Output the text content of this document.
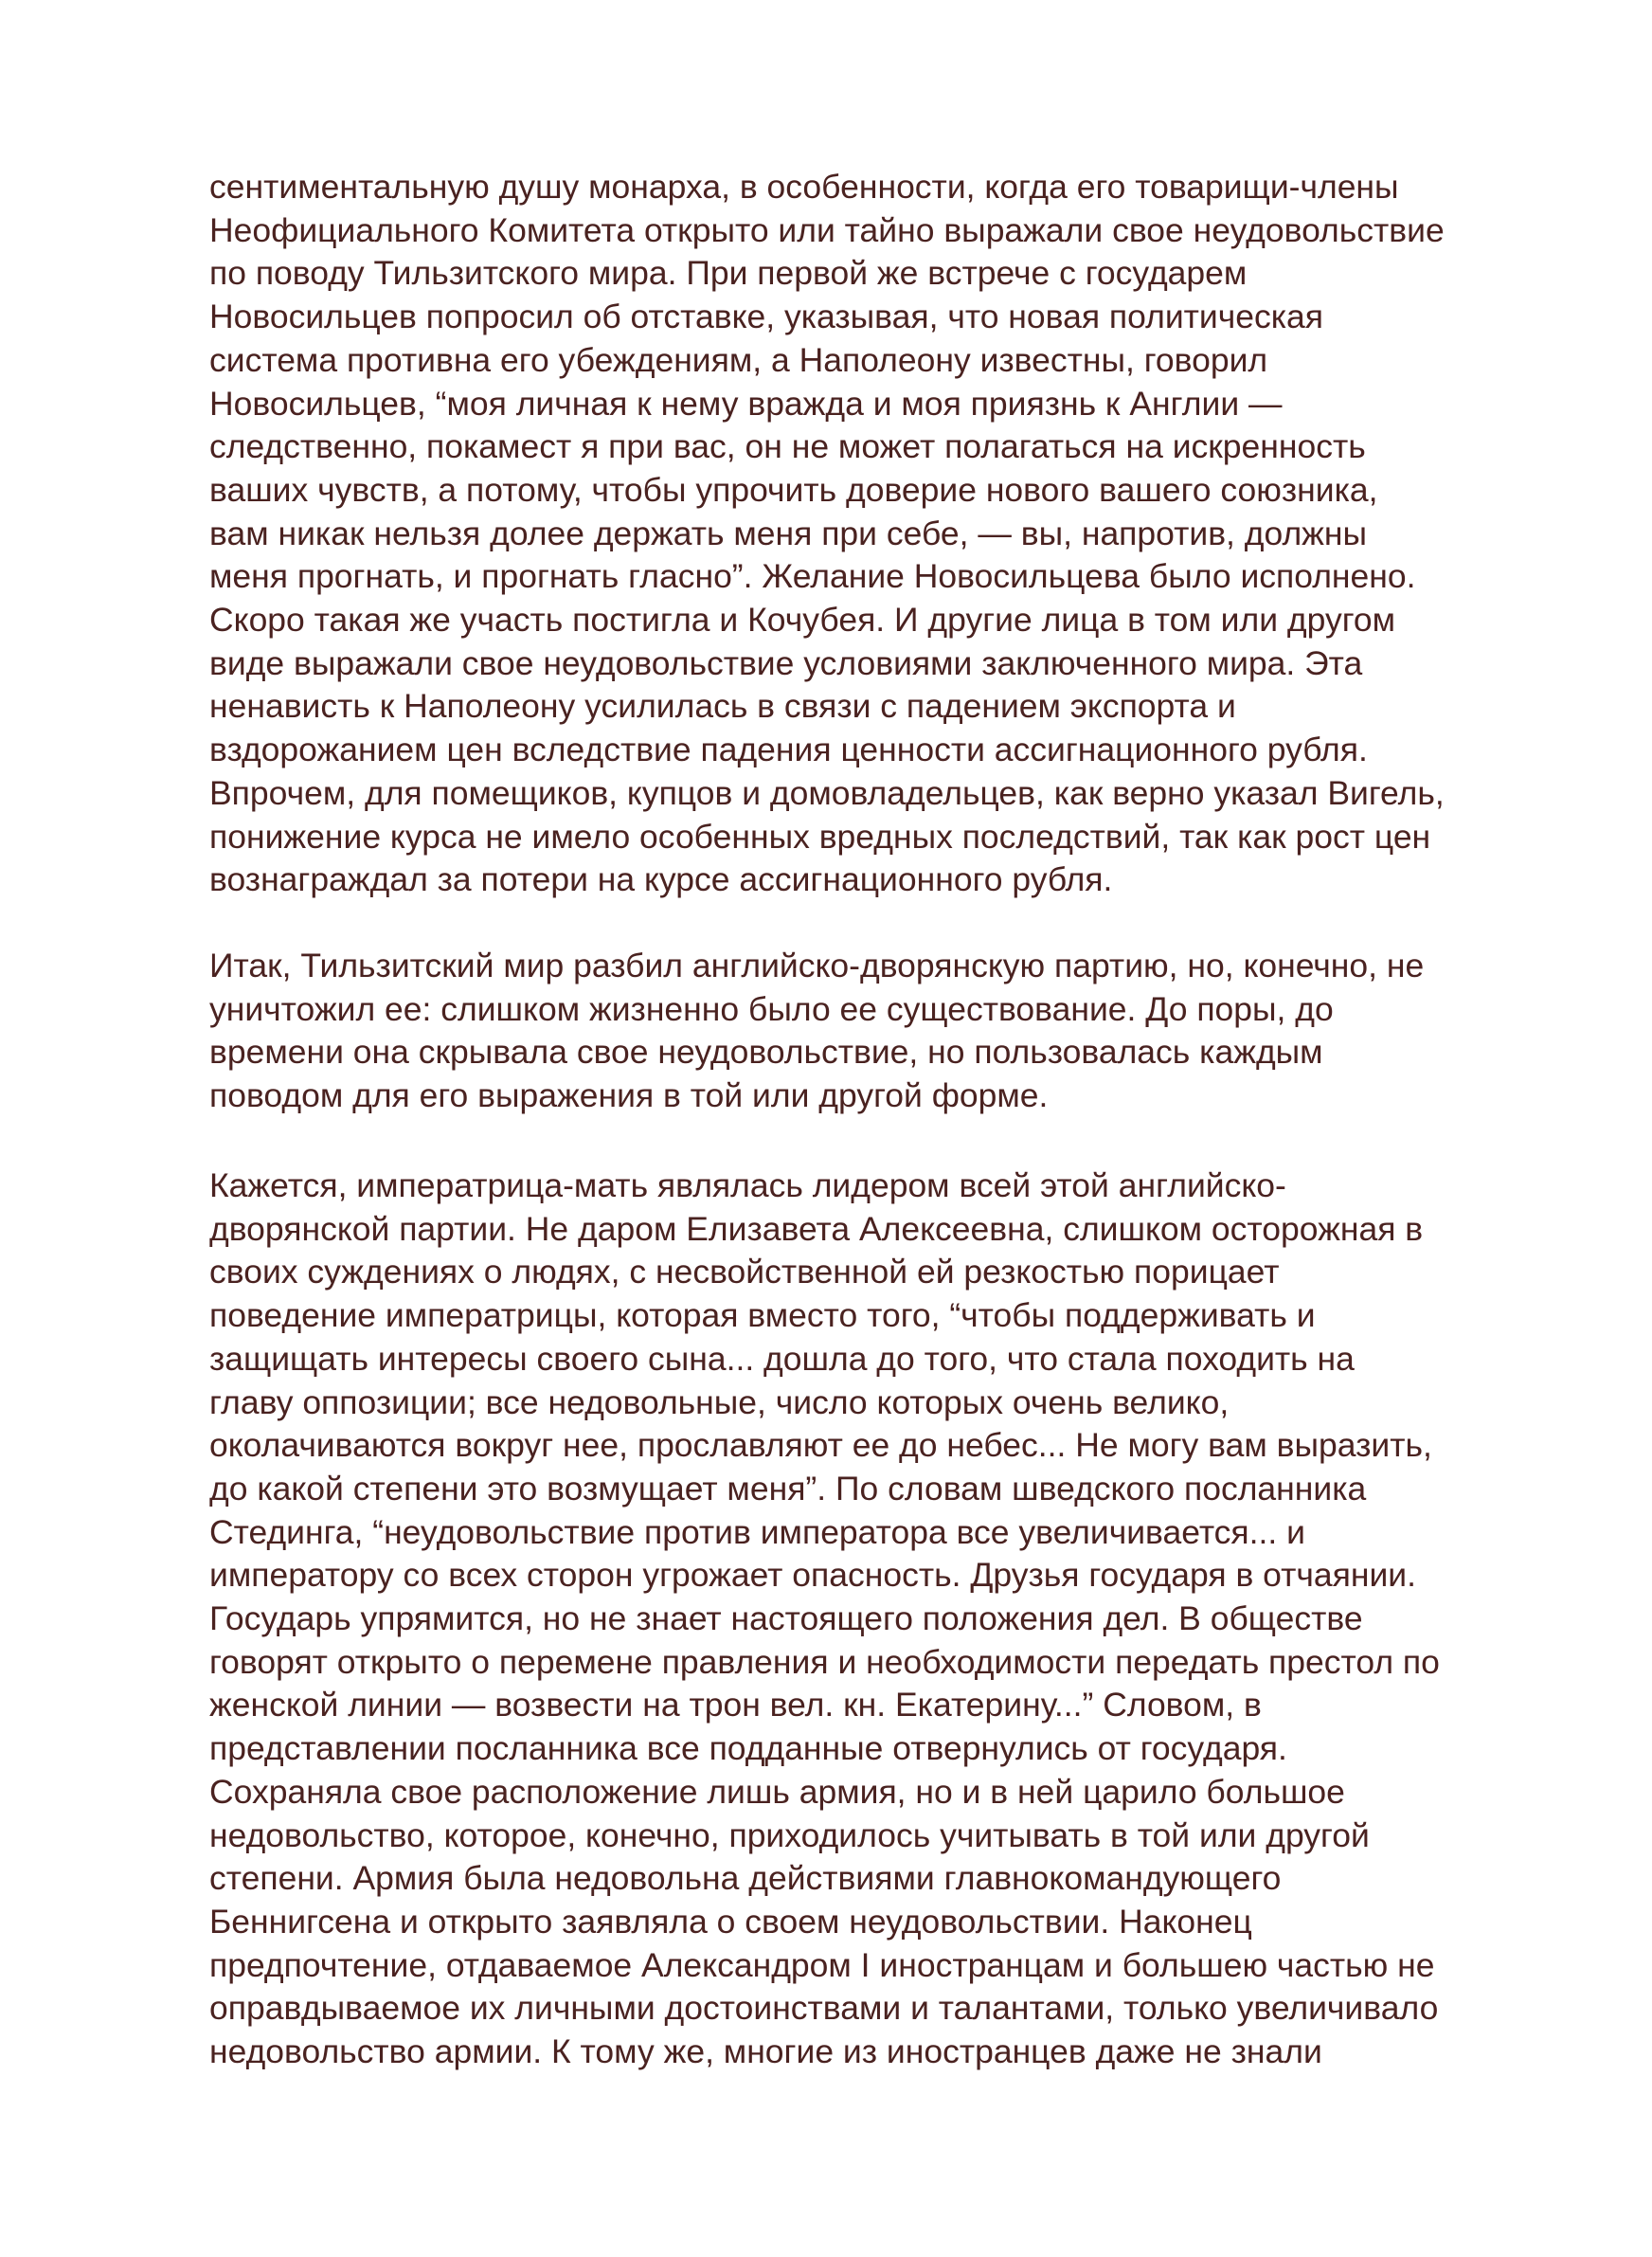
сентиментальную душу монарха, в особенности, когда его товарищи-члены
Неофициального Комитета открыто или тайно выражали свое неудовольствие
по поводу Тильзитского мира. При первой же встрече с государем
Новосильцев попросил об отставке, указывая, что новая политическая
система противна его убеждениям, а Наполеону известны, говорил
Новосильцев, “моя личная к нему вражда и моя приязнь к Англии —
следственно, покамест я при вас, он не может полагаться на искренность
ваших чувств, а потому, чтобы упрочить доверие нового вашего союзника,
вам никак нельзя долее держать меня при себе, — вы, напротив, должны
меня прогнать, и прогнать гласно”. Желание Новосильцева было исполнено.
Скоро такая же участь постигла и Кочубея. И другие лица в том или другом
виде выражали свое неудовольствие условиями заключенного мира. Эта
ненависть к Наполеону усилилась в связи с падением экспорта и
вздорожанием цен вследствие падения ценности ассигнационного рубля.
Впрочем, для помещиков, купцов и домовладельцев, как верно указал Вигель,
понижение курса не имело особенных вредных последствий, так как рост цен
вознаграждал за потери на курсе ассигнационного рубля.
Итак, Тильзитский мир разбил английско-дворянскую партию, но, конечно, не
уничтожил ее: слишком жизненно было ее существование. До поры, до
времени она скрывала свое неудовольствие, но пользовалась каждым
поводом для его выражения в той или другой форме.
Кажется, императрица-мать являлась лидером всей этой английско-
дворянской партии. Не даром Елизавета Алексеевна, слишком осторожная в
своих суждениях о людях, с несвойственной ей резкостью порицает
поведение императрицы, которая вместо того, “чтобы поддерживать и
защищать интересы своего сына... дошла до того, что стала походить на
главу оппозиции; все недовольные, число которых очень велико,
околачиваются вокруг нее, прославляют ее до небес... Не могу вам выразить,
до какой степени это возмущает меня”. По словам шведского посланника
Стединга, “неудовольствие против императора все увеличивается... и
императору со всех сторон угрожает опасность. Друзья государя в отчаянии.
Государь упрямится, но не знает настоящего положения дел. В обществе
говорят открыто о перемене правления и необходимости передать престол по
женской линии — возвести на трон вел. кн. Екатерину...” Словом, в
представлении посланника все подданные отвернулись от государя.
Сохраняла свое расположение лишь армия, но и в ней царило большое
недовольство, которое, конечно, приходилось учитывать в той или другой
степени. Армия была недовольна действиями главнокомандующего
Беннигсена и открыто заявляла о своем неудовольствии. Наконец
предпочтение, отдаваемое Александром I иностранцам и большею частью не
оправдываемое их личными достоинствами и талантами, только увеличивало
недовольство армии. К тому же, многие из иностранцев даже не знали
